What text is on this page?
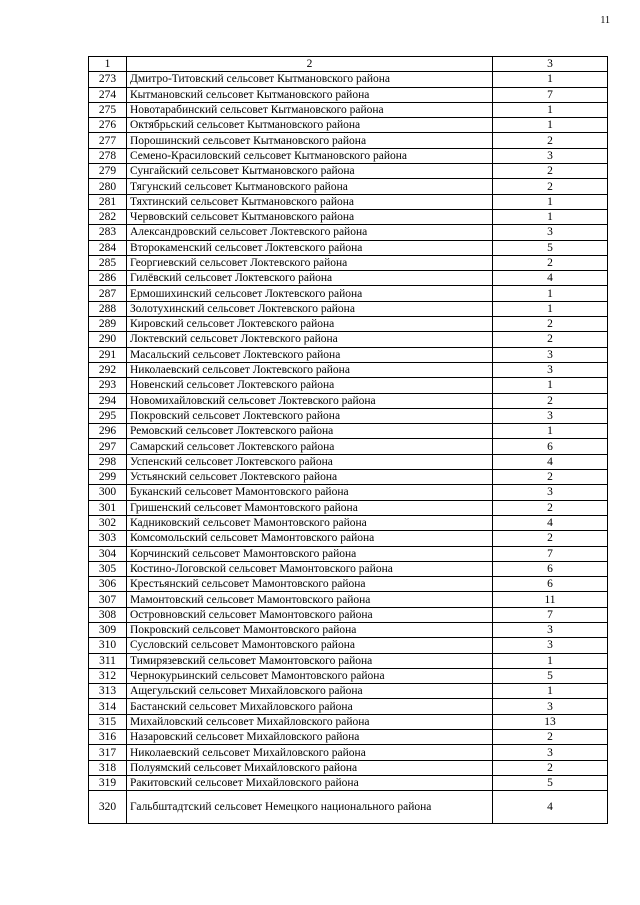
11
1	2	3
273	Дмитро-Титовский сельсовет Кытмановского района	1
274	Кытмановский сельсовет Кытмановского района	7
275	Новотарабинский сельсовет Кытмановского района	1
276	Октябрьский сельсовет Кытмановского района	1
277	Порошинский сельсовет Кытмановского района	2
278	Семено-Красиловский сельсовет Кытмановского района	3
279	Сунгайский сельсовет Кытмановского района	2
280	Тягунский сельсовет Кытмановского района	2
281	Тяхтинский сельсовет Кытмановского района	1
282	Червовский сельсовет Кытмановского района	1
283	Александровский сельсовет Локтевского района	3
284	Второкаменский сельсовет Локтевского района	5
285	Георгиевский сельсовет Локтевского района	2
286	Гилёвский сельсовет Локтевского района	4
287	Ермошихинский сельсовет Локтевского района	1
288	Золотухинский сельсовет Локтевского района	1
289	Кировский сельсовет Локтевского района	2
290	Локтевский сельсовет Локтевского района	2
291	Масальский сельсовет Локтевского района	3
292	Николаевский сельсовет Локтевского района	3
293	Новенский сельсовет Локтевского района	1
294	Новомихайловский сельсовет Локтевского района	2
295	Покровский сельсовет Локтевского района	3
296	Ремовский сельсовет Локтевского района	1
297	Самарский сельсовет Локтевского района	6
298	Успенский сельсовет Локтевского района	4
299	Устьянский сельсовет Локтевского района	2
300	Буканский сельсовет Мамонтовского района	3
301	Гришенский сельсовет Мамонтовского района	2
302	Кадниковский сельсовет Мамонтовского района	4
303	Комсомольский сельсовет Мамонтовского района	2
304	Корчинский сельсовет Мамонтовского района	7
305	Костино-Логовской сельсовет Мамонтовского района	6
306	Крестьянский сельсовет Мамонтовского района	6
307	Мамонтовский сельсовет Мамонтовского района	11
308	Островновский сельсовет Мамонтовского района	7
309	Покровский сельсовет Мамонтовского района	3
310	Сусловский сельсовет Мамонтовского района	3
311	Тимирязевский сельсовет Мамонтовского района	1
312	Чернокурьинский сельсовет Мамонтовского района	5
313	Ащегульский сельсовет Михайловского района	1
314	Бастанский сельсовет Михайловского района	3
315	Михайловский сельсовет Михайловского района	13
316	Назаровский сельсовет Михайловского района	2
317	Николаевский сельсовет Михайловского района	3
318	Полуямский сельсовет Михайловского района	2
319	Ракитовский сельсовет Михайловского района	5
320	Гальбштадтский сельсовет Немецкого национального района	4
